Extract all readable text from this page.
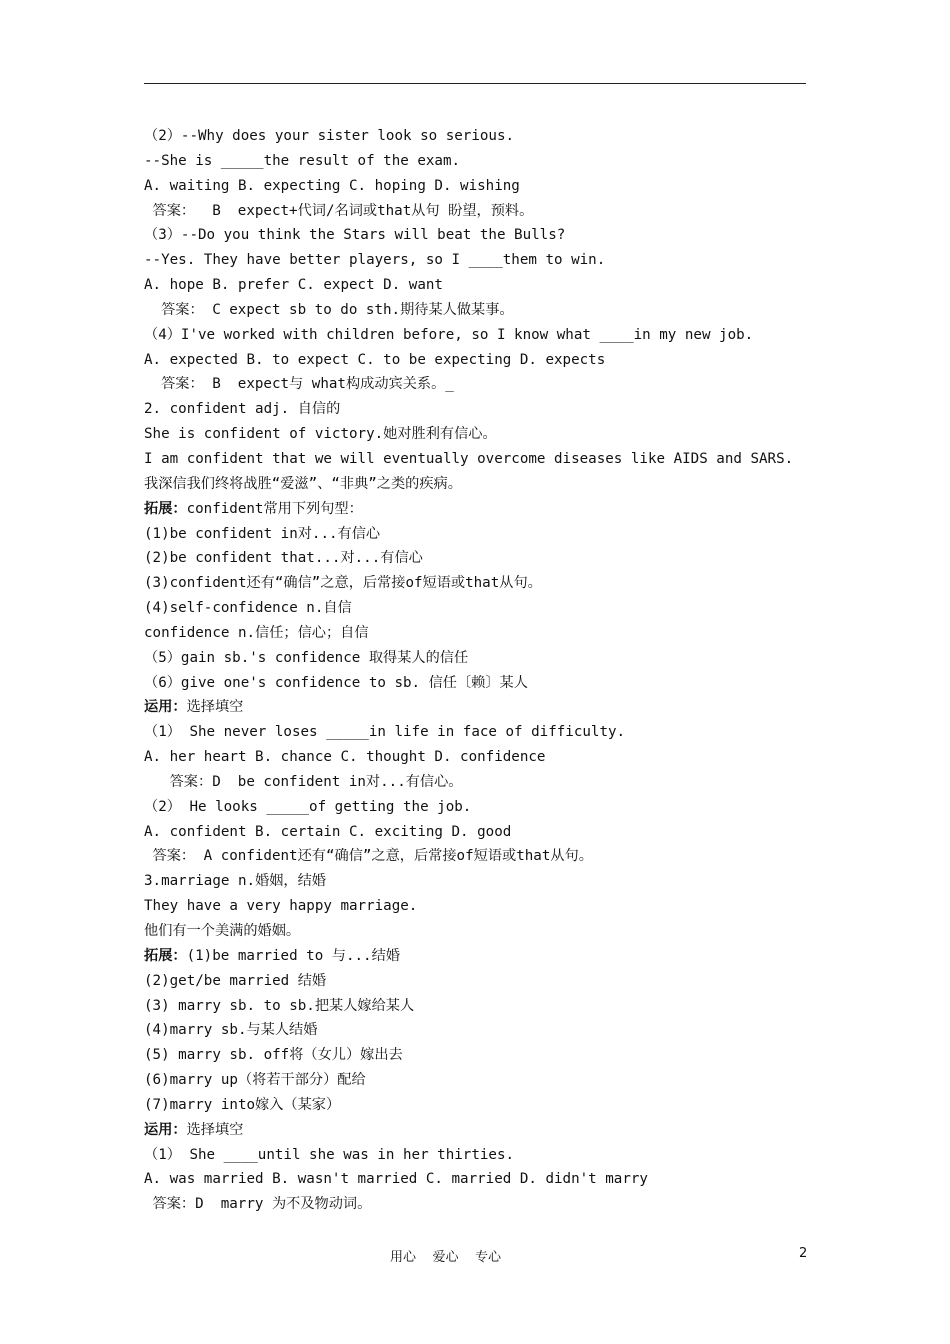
（2）--Why does your sister look so serious.
--She is _____the result of the exam.
A. waiting B. expecting C. hoping D. wishing
答案：  B  expect+代词/名词或that从句 盼望，预料。
（3）--Do you think the Stars will beat the Bulls?
--Yes. They have better players, so I ____them to win.
A. hope B. prefer C. expect D. want
答案： C expect sb to do sth.期待某人做某事。
（4）I've worked with children before, so I know what ____in my new job.
A. expected B. to expect C. to be expecting D. expects
答案： B  expect与 what构成动宾关系。_
2. confident adj. 自信的
She is confident of victory.她对胜利有信心。
I am confident that we will eventually overcome diseases like AIDS and SARS.
我深信我们终将战胜“爱滋”、“非典”之类的疾病。
拓展：confident常用下列句型：
(1)be confident in对...有信心
(2)be confident that...对...有信心
(3)confident还有“确信”之意，后常接of短语或that从句。
(4)self-confidence n.自信
confidence n.信任；信心；自信
（5）gain sb.'s confidence 取得某人的信任
（6）give one's confidence to sb. 信任〔赖〕某人
运用：选择填空
（1） She never loses _____in life in face of difficulty.
A. her heart B. chance C. thought D. confidence
答案：D  be confident in对...有信心。
（2） He looks _____of getting the job.
A. confident B. certain C. exciting D. good
答案： A confident还有“确信”之意，后常接of短语或that从句。
3.marriage n.婚姻，结婚
They have a very happy marriage.
他们有一个美满的婚姻。
拓展：(1)be married to 与...结婚
(2)get/be married 结婚
(3) marry sb. to sb.把某人嫁给某人
(4)marry sb.与某人结婚
(5) marry sb. off将（女儿）嫁出去
(6)marry up（将若干部分）配给
(7)marry into嫁入（某家）
运用：选择填空
（1） She ____until she was in her thirties.
A. was married B. wasn't married C. married D. didn't marry
答案：D  marry 为不及物动词。
用心    爱心    专心	2
